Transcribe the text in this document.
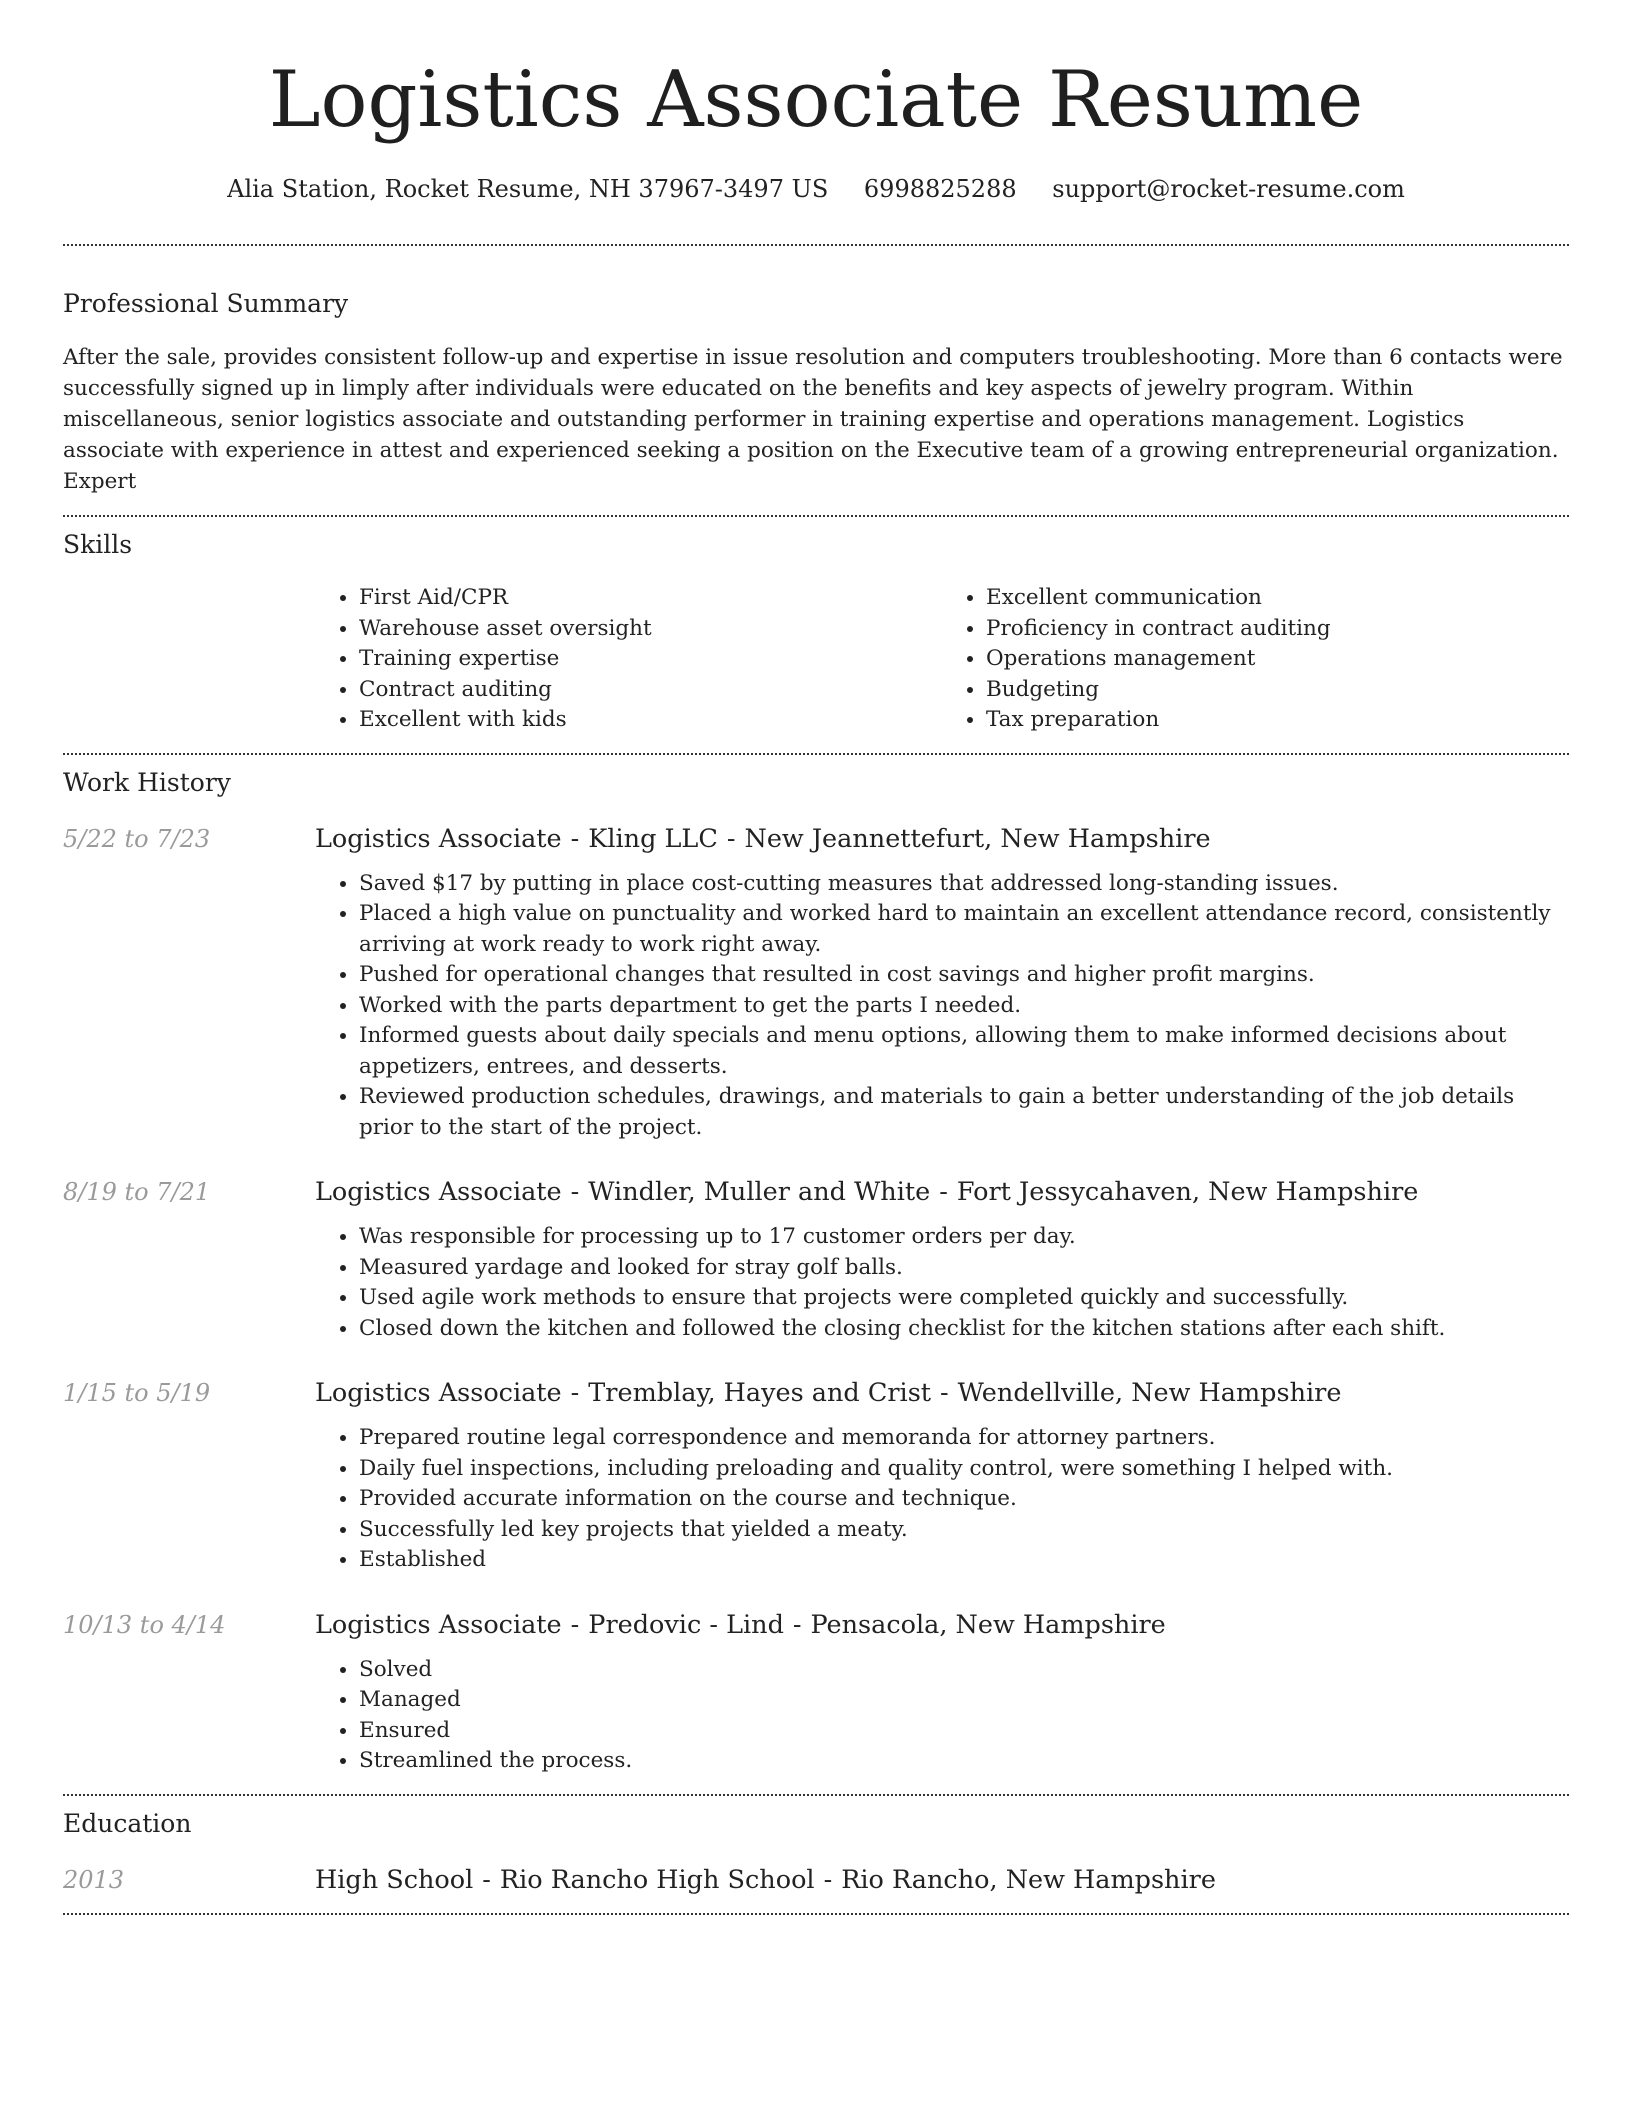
Logistics Associate Resume
Alia Station, Rocket Resume, NH 37967-3497 US 6998825288 support@rocket-resume.com
Professional Summary

After the sale, provides consistent follow-up and expertise in issue resolution and computers troubleshooting. More than 6 contacts were successfully signed up in limply after individuals were educated on the benefits and key aspects of jewelry program. Within miscellaneous, senior logistics associate and outstanding performer in training expertise and operations management. Logistics associate with experience in attest and experienced seeking a position on the Executive team of a growing entrepreneurial organization. Expert

Skills
• First Aid/CPR
• Warehouse asset oversight
• Training expertise
• Contract auditing
• Excellent with kids
• Excellent communication
• Proficiency in contract auditing
• Operations management
• Budgeting
• Tax preparation
Work History
5/22 to 7/23	Logistics Associate - Kling LLC - New Jeannettefurt, New Hampshire
• Saved $17 by putting in place cost-cutting measures that addressed long-standing issues.
• Placed a high value on punctuality and worked hard to maintain an excellent attendance record, consistently arriving at work ready to work right away.
• Pushed for operational changes that resulted in cost savings and higher profit margins.
• Worked with the parts department to get the parts I needed.
• Informed guests about daily specials and menu options, allowing them to make informed decisions about appetizers, entrees, and desserts.
• Reviewed production schedules, drawings, and materials to gain a better understanding of the job details prior to the start of the project.
8/19 to 7/21	Logistics Associate - Windler, Muller and White - Fort Jessycahaven, New Hampshire
• Was responsible for processing up to 17 customer orders per day.
• Measured yardage and looked for stray golf balls.
• Used agile work methods to ensure that projects were completed quickly and successfully.
• Closed down the kitchen and followed the closing checklist for the kitchen stations after each shift.
1/15 to 5/19	Logistics Associate - Tremblay, Hayes and Crist - Wendellville, New Hampshire
• Prepared routine legal correspondence and memoranda for attorney partners.
• Daily fuel inspections, including preloading and quality control, were something I helped with.
• Provided accurate information on the course and technique.
• Successfully led key projects that yielded a meaty.
• Established
10/13 to 4/14	Logistics Associate - Predovic - Lind - Pensacola, New Hampshire
• Solved
• Managed
• Ensured
• Streamlined the process.
Education
2013	High School - Rio Rancho High School - Rio Rancho, New Hampshire
